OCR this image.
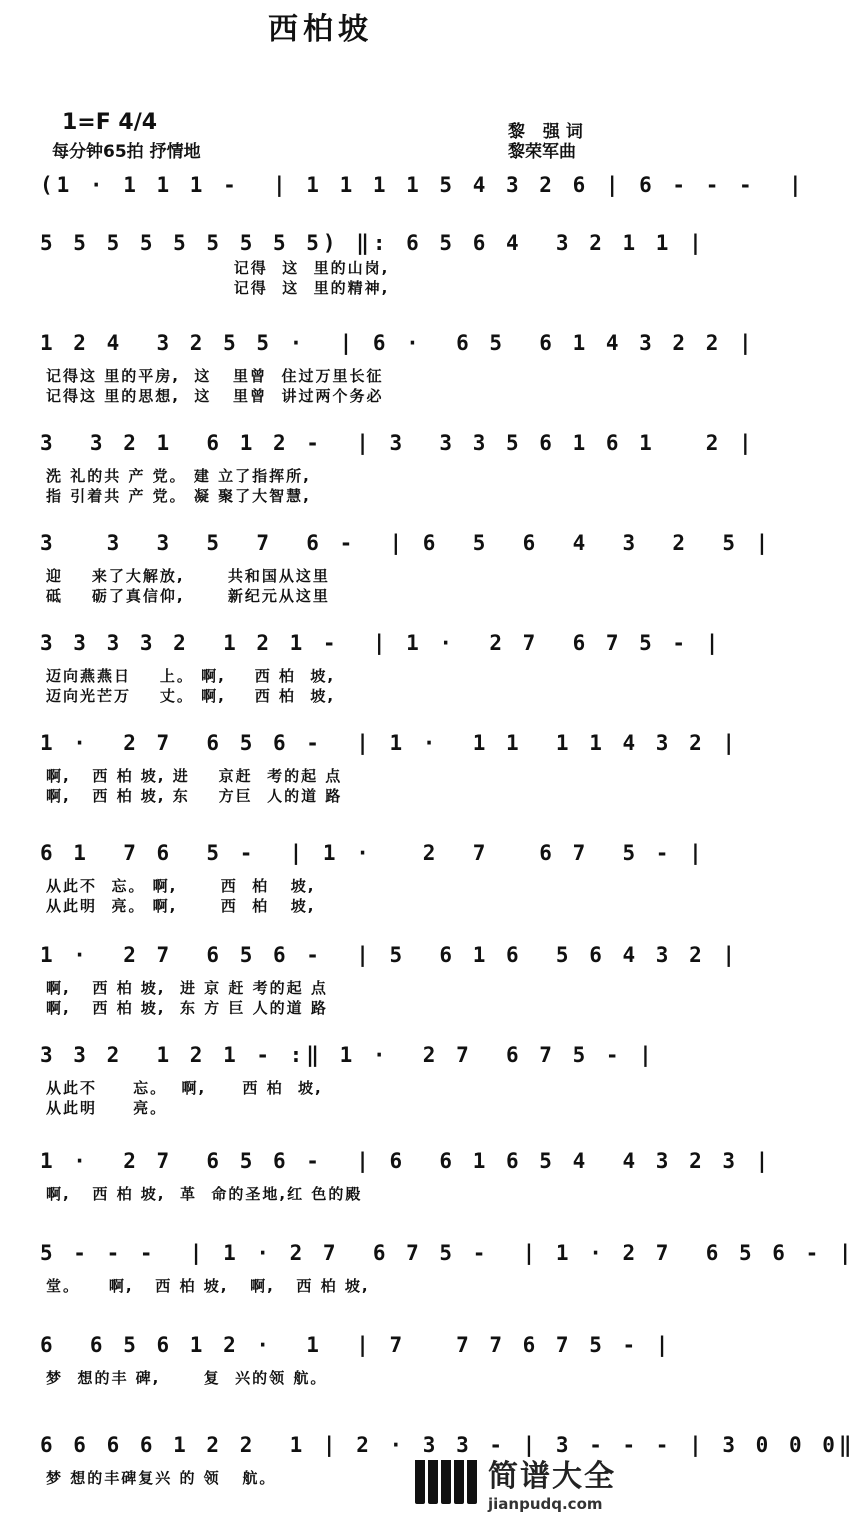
西柏坡
1=F 4/4
每分钟65拍 抒情地
黎 强词
黎荣军曲
(1 · 1 1 1 -  | 1 1 1 1 5 4 3 2 6 | 6 - - -  |
5 5 5 5 5 5 5 5 5) ‖: 6 5 6 4  3 2 1 1 |
记得  这  里的山岗,
记得  这  里的精神,
1 2 4  3 2 5 5 ·  | 6 ·  6 5  6 1 4 3 2 2 |
记得这 里的平房,  这   里曾  住过万里长征
记得这 里的思想,  这   里曾  讲过两个务必
3  3 2 1  6 1 2 -  | 3  3 3 5 6 1 6 1   2 |
洗 礼的共 产 党。 建 立了指挥所,
指 引着共 产 党。 凝 聚了大智慧,
3   3  3  5  7  6 -  | 6  5  6  4  3  2  5 |
迎    来了大解放,      共和国从这里
砥    砺了真信仰,      新纪元从这里
3 3 3 3 2  1 2 1 -  | 1 ·  2 7  6 7 5 - |
迈向燕燕日    上。 啊,    西 柏  坡,
迈向光芒万    丈。 啊,    西 柏  坡,
1 ·  2 7  6 5 6 -  | 1 ·  1 1  1 1 4 3 2 |
啊,   西 柏 坡, 进    京赶  考的起 点
啊,   西 柏 坡, 东    方巨  人的道 路
6 1  7 6  5 -  | 1 ·   2  7   6 7  5 - |
从此不  忘。 啊,      西  柏   坡,
从此明  亮。 啊,      西  柏   坡,
1 ·  2 7  6 5 6 -  | 5  6 1 6  5 6 4 3 2 |
啊,   西 柏 坡,  进 京 赶 考的起 点
啊,   西 柏 坡,  东 方 巨 人的道 路
3 3 2  1 2 1 - :‖ 1 ·  2 7  6 7 5 - |
从此不     忘。  啊,     西 柏  坡,
从此明     亮。
1 ·  2 7  6 5 6 -  | 6  6 1 6 5 4  4 3 2 3 |
啊,   西 柏 坡,  革  命的圣地,红 色的殿
5 - - -  | 1 · 2 7  6 7 5 -  | 1 · 2 7  6 5 6 - |
堂。    啊,   西 柏 坡,   啊,   西 柏 坡,
6  6 5 6 1 2 ·  1  | 7   7 7 6 7 5 - |
梦  想的丰 碑,      复  兴的领 航。
6 6 6 6 1 2 2  1 | 2 · 3 3 - | 3 - - - | 3 0 0 0‖
梦 想的丰碑复兴 的 领   航。	简谱大全
jianpudq.com
